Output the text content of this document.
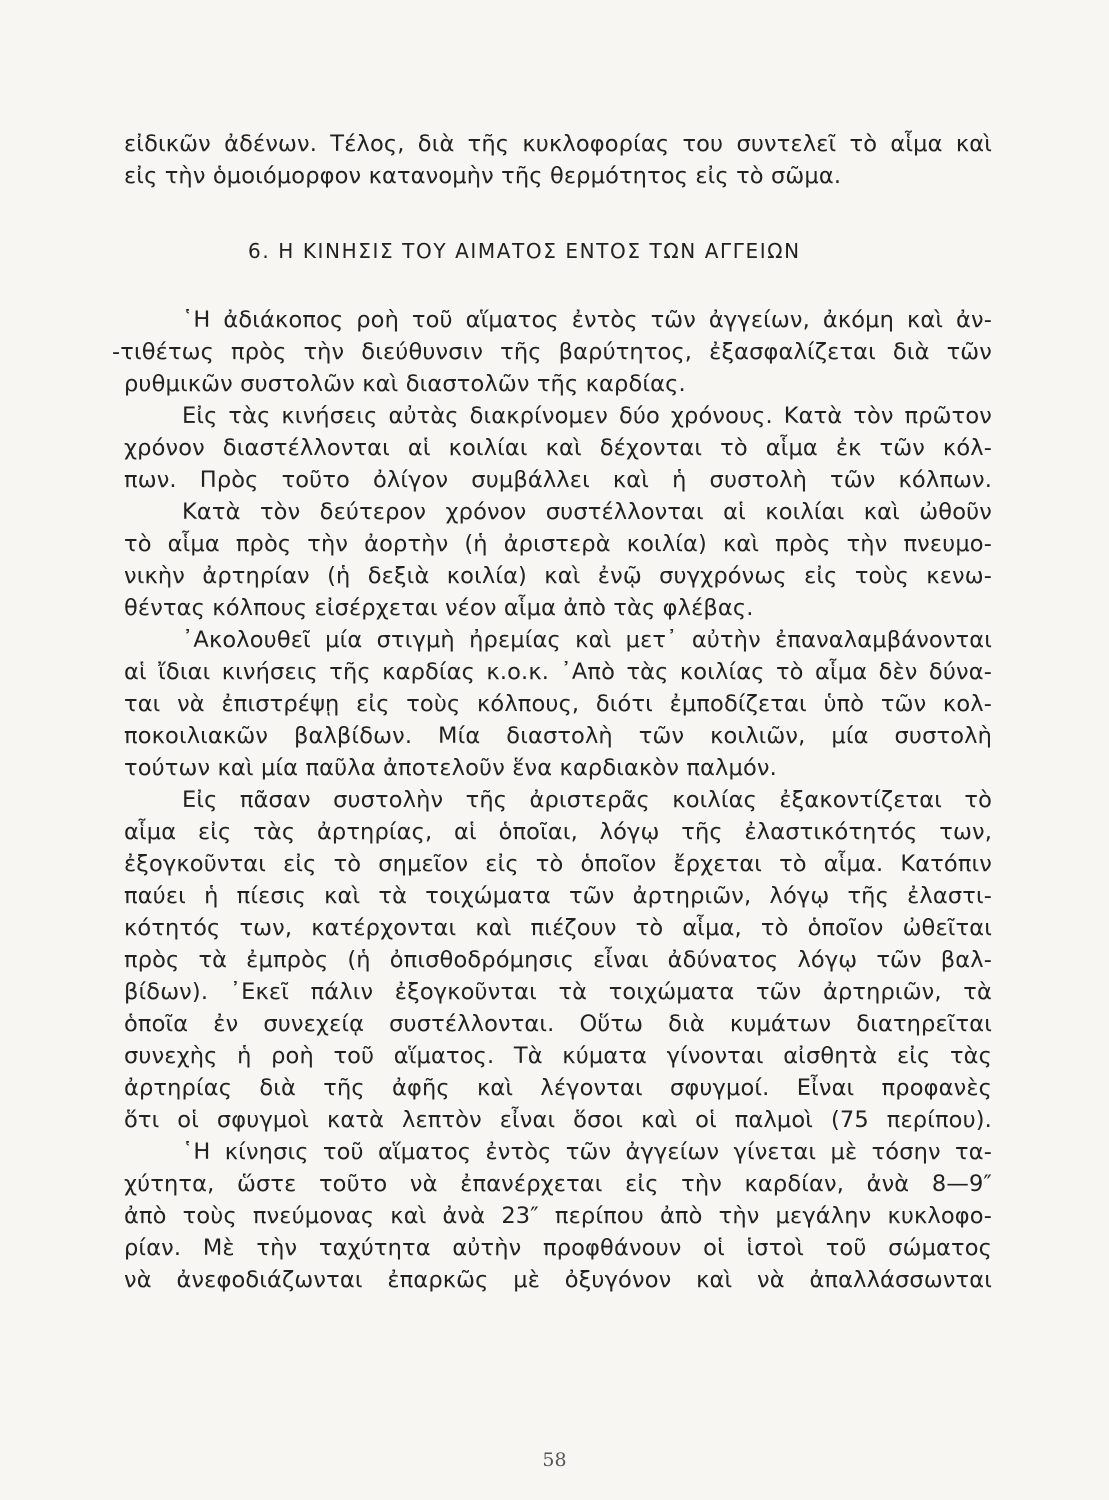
εἰδικῶν ἀδένων. Τέλος, διὰ τῆς κυκλοφορίας του συντελεῖ τὸ αἷμα καὶ
εἰς τὴν ὁμοιόμορφον κατανομὴν τῆς θερμότητος εἰς τὸ σῶμα.
6. Η ΚΙΝΗΣΙΣ ΤΟΥ ΑΙΜΑΤΟΣ ΕΝΤΟΣ ΤΩΝ ΑΓΓΕΙΩΝ
῾Η ἀδιάκοπος ροὴ τοῦ αἵματος ἐντὸς τῶν ἀγγείων, ἀκόμη καὶ ἀν-
-τιθέτως πρὸς τὴν διεύθυνσιν τῆς βαρύτητος, ἐξασφαλίζεται διὰ τῶν
ρυθμικῶν συστολῶν καὶ διαστολῶν τῆς καρδίας.
Εἰς τὰς κινήσεις αὐτὰς διακρίνομεν δύο χρόνους. Κατὰ τὸν πρῶτον
χρόνον διαστέλλονται αἱ κοιλίαι καὶ δέχονται τὸ αἷμα ἐκ τῶν κόλ-
πων. Πρὸς τοῦτο ὀλίγον συμβάλλει καὶ ἡ συστολὴ τῶν κόλπων.
Κατὰ τὸν δεύτερον χρόνον συστέλλονται αἱ κοιλίαι καὶ ὠθοῦν
τὸ αἷμα πρὸς τὴν ἀορτὴν (ἡ ἀριστερὰ κοιλία) καὶ πρὸς τὴν πνευμο-
νικὴν ἀρτηρίαν (ἡ δεξιὰ κοιλία) καὶ ἐνῷ συγχρόνως εἰς τοὺς κενω-
θέντας κόλπους εἰσέρχεται νέον αἷμα ἀπὸ τὰς φλέβας.
᾿Ακολουθεῖ μία στιγμὴ ἠρεμίας καὶ μετ᾿ αὐτὴν ἐπαναλαμβάνονται
αἱ ἴδιαι κινήσεις τῆς καρδίας κ.ο.κ. ᾿Απὸ τὰς κοιλίας τὸ αἷμα δὲν δύνα-
ται νὰ ἐπιστρέψῃ εἰς τοὺς κόλπους, διότι ἐμποδίζεται ὑπὸ τῶν κολ-
ποκοιλιακῶν βαλβίδων. Μία διαστολὴ τῶν κοιλιῶν, μία συστολὴ
τούτων καὶ μία παῦλα ἀποτελοῦν ἕνα καρδιακὸν παλμόν.
Εἰς πᾶσαν συστολὴν τῆς ἀριστερᾶς κοιλίας ἐξακοντίζεται τὸ
αἷμα εἰς τὰς ἀρτηρίας, αἱ ὁποῖαι, λόγῳ τῆς ἐλαστικότητός των,
ἐξογκοῦνται εἰς τὸ σημεῖον εἰς τὸ ὁποῖον ἔρχεται τὸ αἷμα. Κατόπιν
παύει ἡ πίεσις καὶ τὰ τοιχώματα τῶν ἀρτηριῶν, λόγῳ τῆς ἐλαστι-
κότητός των, κατέρχονται καὶ πιέζουν τὸ αἷμα, τὸ ὁποῖον ὠθεῖται
πρὸς τὰ ἐμπρὸς (ἡ ὀπισθοδρόμησις εἶναι ἀδύνατος λόγῳ τῶν βαλ-
βίδων). ᾿Εκεῖ πάλιν ἐξογκοῦνται τὰ τοιχώματα τῶν ἀρτηριῶν, τὰ
ὁποῖα ἐν συνεχείᾳ συστέλλονται. Οὕτω διὰ κυμάτων διατηρεῖται
συνεχὴς ἡ ροὴ τοῦ αἵματος. Τὰ κύματα γίνονται αἰσθητὰ εἰς τὰς
ἀρτηρίας διὰ τῆς ἀφῆς καὶ λέγονται σφυγμοί. Εἶναι προφανὲς
ὅτι οἱ σφυγμοὶ κατὰ λεπτὸν εἶναι ὅσοι καὶ οἱ παλμοὶ (75 περίπου).
῾Η κίνησις τοῦ αἵματος ἐντὸς τῶν ἀγγείων γίνεται μὲ τόσην τα-
χύτητα, ὥστε τοῦτο νὰ ἐπανέρχεται εἰς τὴν καρδίαν, ἀνὰ 8—9″
ἀπὸ τοὺς πνεύμονας καὶ ἀνὰ 23″ περίπου ἀπὸ τὴν μεγάλην κυκλοφο-
ρίαν. Μὲ τὴν ταχύτητα αὐτὴν προφθάνουν οἱ ἱστοὶ τοῦ σώματος
νὰ ἀνεφοδιάζωνται ἐπαρκῶς μὲ ὀξυγόνον καὶ νὰ ἀπαλλάσσωνται
58
